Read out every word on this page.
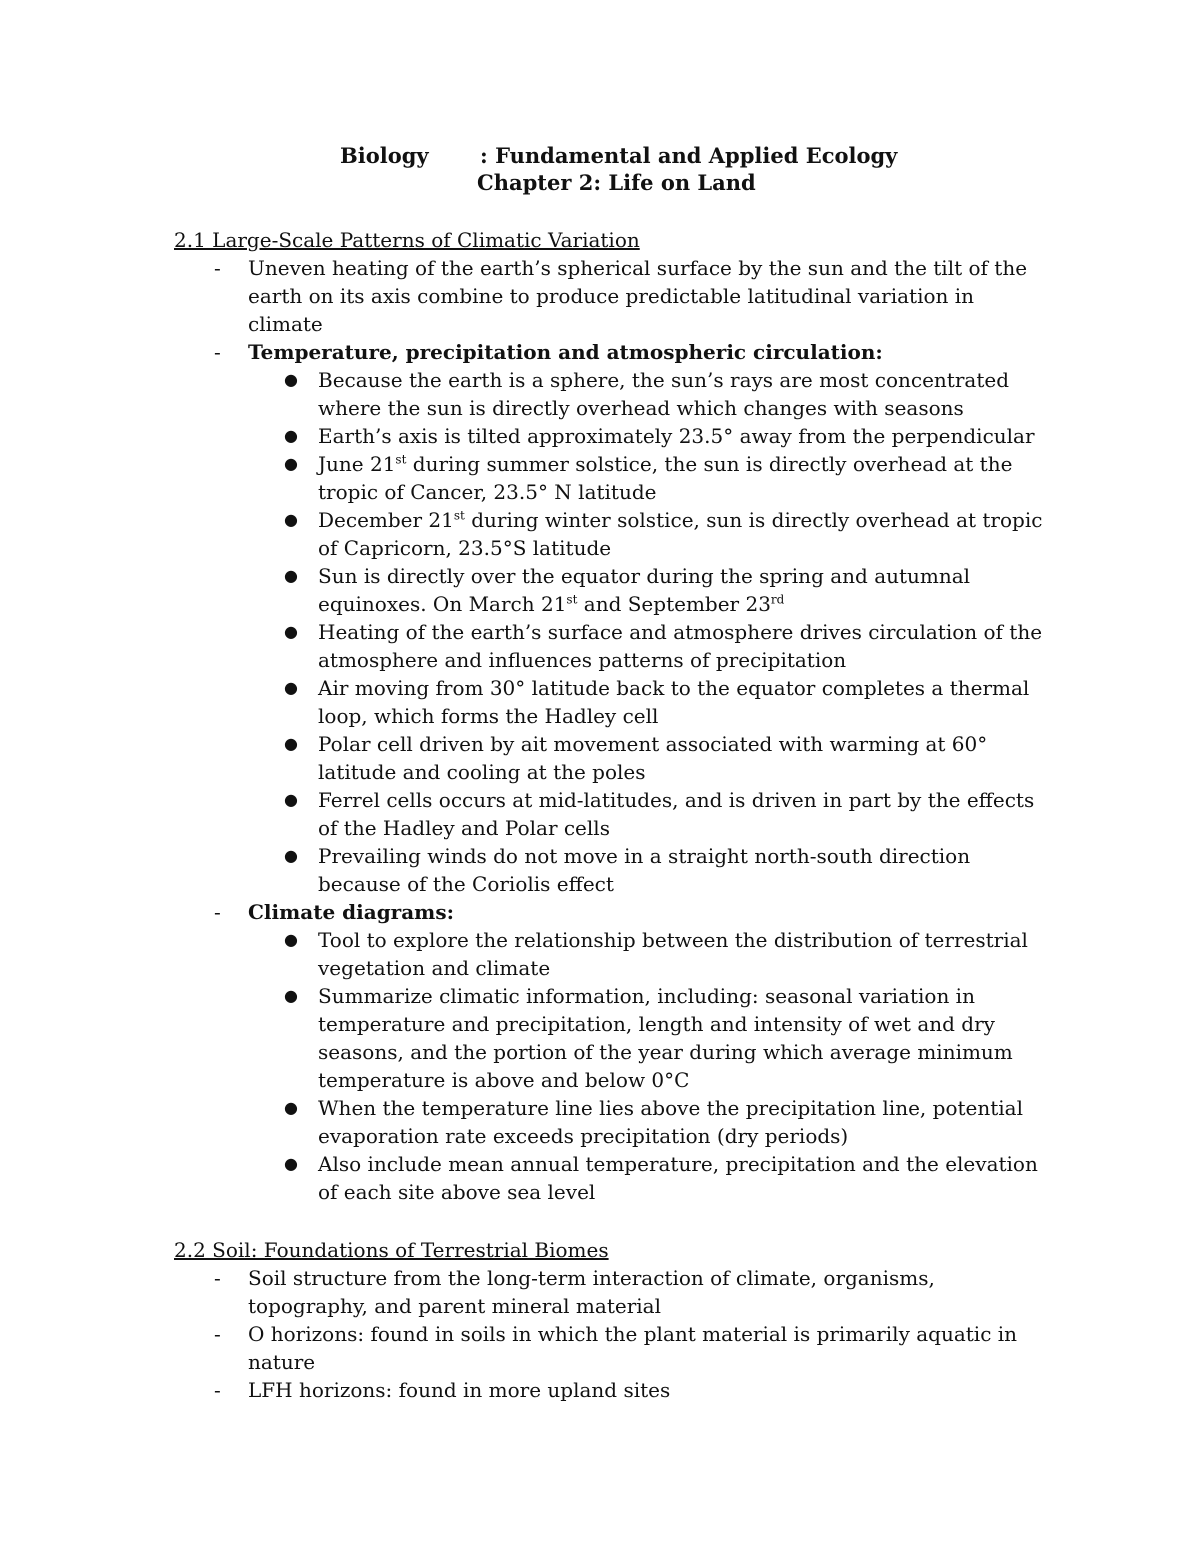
Biology : Fundamental and Applied Ecology
Chapter 2: Life on Land
2.1 Large-Scale Patterns of Climatic Variation
- Uneven heating of the earth’s spherical surface by the sun and the tilt of the earth on its axis combine to produce predictable latitudinal variation in climate
- Temperature, precipitation and atmospheric circulation:
● Because the earth is a sphere, the sun’s rays are most concentrated where the sun is directly overhead which changes with seasons
● Earth’s axis is tilted approximately 23.5° away from the perpendicular
● June 21st during summer solstice, the sun is directly overhead at the tropic of Cancer, 23.5° N latitude
● December 21st during winter solstice, sun is directly overhead at tropic of Capricorn, 23.5°S latitude
● Sun is directly over the equator during the spring and autumnal equinoxes. On March 21st and September 23rd
● Heating of the earth’s surface and atmosphere drives circulation of the atmosphere and influences patterns of precipitation
● Air moving from 30° latitude back to the equator completes a thermal loop, which forms the Hadley cell
● Polar cell driven by ait movement associated with warming at 60° latitude and cooling at the poles
● Ferrel cells occurs at mid-latitudes, and is driven in part by the effects of the Hadley and Polar cells
● Prevailing winds do not move in a straight north-south direction because of the Coriolis effect
- Climate diagrams:
● Tool to explore the relationship between the distribution of terrestrial vegetation and climate
● Summarize climatic information, including: seasonal variation in temperature and precipitation, length and intensity of wet and dry seasons, and the portion of the year during which average minimum temperature is above and below 0°C
● When the temperature line lies above the precipitation line, potential evaporation rate exceeds precipitation (dry periods)
● Also include mean annual temperature, precipitation and the elevation of each site above sea level
2.2 Soil: Foundations of Terrestrial Biomes
- Soil structure from the long-term interaction of climate, organisms, topography, and parent mineral material
- O horizons: found in soils in which the plant material is primarily aquatic in nature
- LFH horizons: found in more upland sites
